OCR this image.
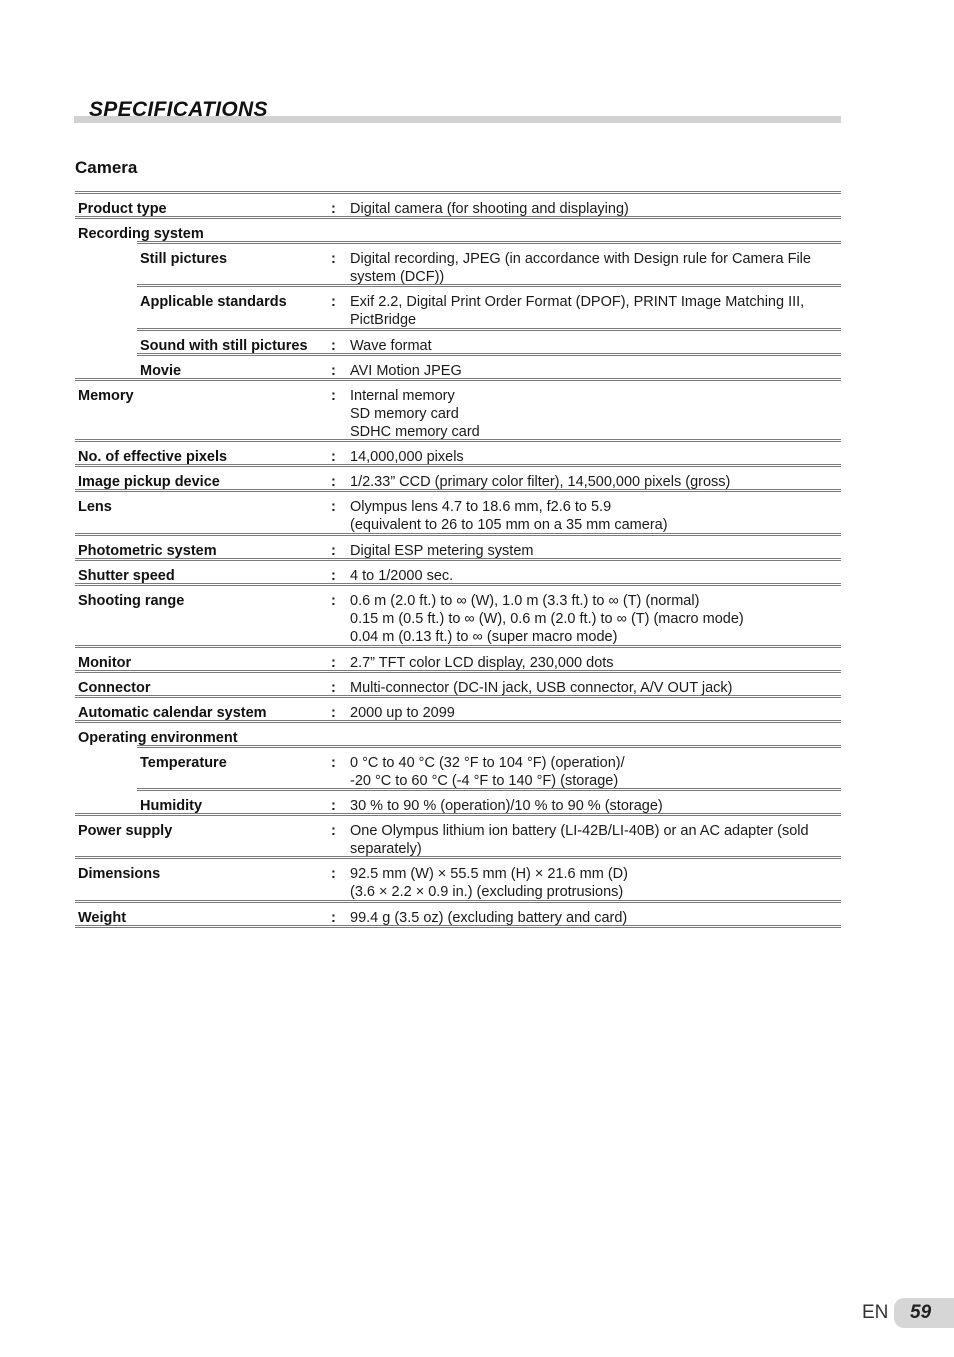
SPECIFICATIONS
Camera
Product type	: Digital camera (for shooting and displaying)
Recording system
Still pictures	: Digital recording, JPEG (in accordance with Design rule for Camera File system (DCF))
Applicable standards	: Exif 2.2, Digital Print Order Format (DPOF), PRINT Image Matching III, PictBridge
Sound with still pictures : Wave format
Movie	: AVI Motion JPEG
Memory	: Internal memory
SD memory card
SDHC memory card
No. of effective pixels	: 14,000,000 pixels
Image pickup device	: 1/2.33” CCD (primary color filter), 14,500,000 pixels (gross)
Lens	: Olympus lens 4.7 to 18.6 mm, f2.6 to 5.9
(equivalent to 26 to 105 mm on a 35 mm camera)
Photometric system	: Digital ESP metering system
Shutter speed	: 4 to 1/2000 sec.
Shooting range	: 0.6 m (2.0 ft.) to ∞ (W), 1.0 m (3.3 ft.) to ∞ (T) (normal)
0.15 m (0.5 ft.) to ∞ (W), 0.6 m (2.0 ft.) to ∞ (T) (macro mode)
0.04 m (0.13 ft.) to ∞ (super macro mode)
Monitor	: 2.7” TFT color LCD display, 230,000 dots
Connector	: Multi-connector (DC-IN jack, USB connector, A/V OUT jack)
Automatic calendar system	: 2000 up to 2099
Operating environment
Temperature	: 0 °C to 40 °C (32 °F to 104 °F) (operation)/
-20 °C to 60 °C (-4 °F to 140 °F) (storage)
Humidity	: 30 % to 90 % (operation)/10 % to 90 % (storage)
Power supply	: One Olympus lithium ion battery (LI-42B/LI-40B) or an AC adapter (sold separately)
Dimensions	: 92.5 mm (W) × 55.5 mm (H) × 21.6 mm (D)
(3.6 × 2.2 × 0.9 in.) (excluding protrusions)
Weight	: 99.4 g (3.5 oz) (excluding battery and card)
EN 59
